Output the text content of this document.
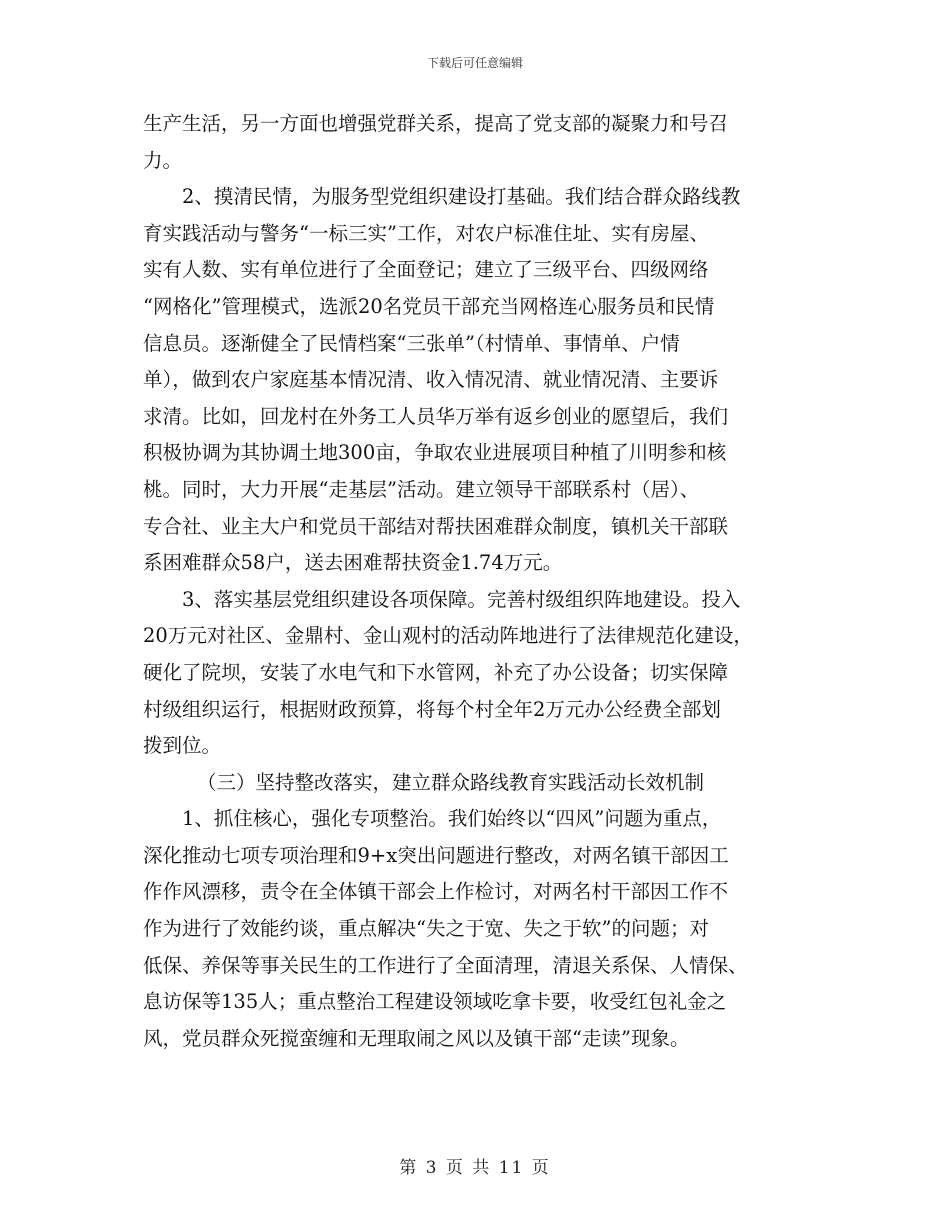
下载后可任意编辑
生产生活，另一方面也增强党群关系，提高了党支部的凝聚力和号召
力。
2、摸清民情，为服务型党组织建设打基础。我们结合群众路线教
育实践活动与警务“一标三实”工作，对农户标准住址、实有房屋、
实有人数、实有单位进行了全面登记；建立了三级平台、四级网络
“网格化”管理模式，选派20名党员干部充当网格连心服务员和民情
信息员。逐渐健全了民情档案“三张单”（村情单、事情单、户情
单），做到农户家庭基本情况清、收入情况清、就业情况清、主要诉
求清。比如，回龙村在外务工人员华万举有返乡创业的愿望后，我们
积极协调为其协调土地300亩，争取农业进展项目种植了川明参和核
桃。同时，大力开展“走基层”活动。建立领导干部联系村（居）、
专合社、业主大户和党员干部结对帮扶困难群众制度，镇机关干部联
系困难群众58户，送去困难帮扶资金1.74万元。
3、落实基层党组织建设各项保障。完善村级组织阵地建设。投入
20万元对社区、金鼎村、金山观村的活动阵地进行了法律规范化建设，
硬化了院坝，安装了水电气和下水管网，补充了办公设备；切实保障
村级组织运行，根据财政预算，将每个村全年2万元办公经费全部划
拨到位。
（三）坚持整改落实，建立群众路线教育实践活动长效机制
1、抓住核心，强化专项整治。我们始终以“四风”问题为重点，
深化推动七项专项治理和9+x突出问题进行整改，对两名镇干部因工
作作风漂移，责令在全体镇干部会上作检讨，对两名村干部因工作不
作为进行了效能约谈，重点解决“失之于宽、失之于软”的问题；对
低保、养保等事关民生的工作进行了全面清理，清退关系保、人情保、
息访保等135人；重点整治工程建设领域吃拿卡要，收受红包礼金之
风，党员群众死搅蛮缠和无理取闹之风以及镇干部“走读”现象。
第 3 页 共 11 页
